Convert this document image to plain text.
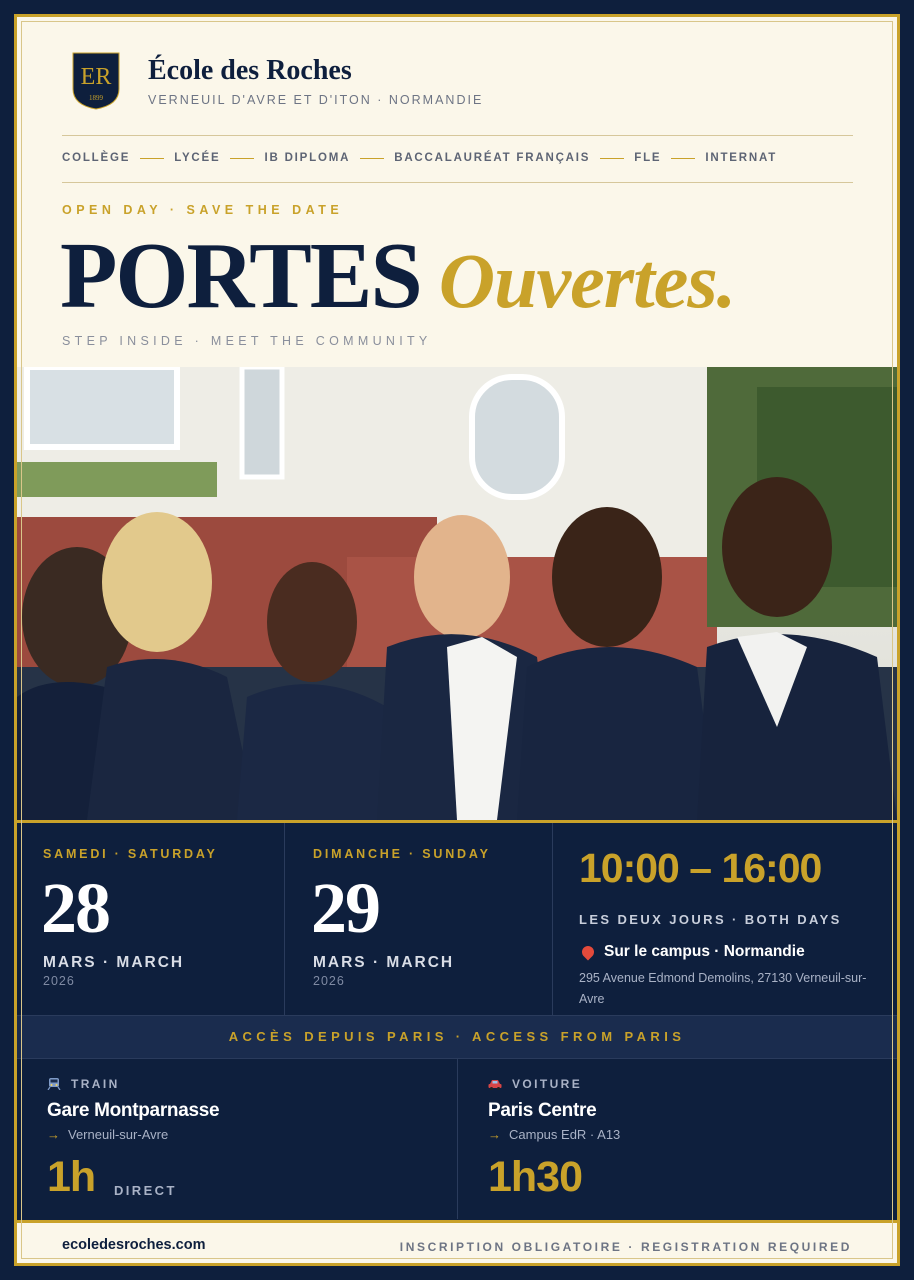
ER
1899
École des Roches
VERNEUIL D'AVRE ET D'ITON · NORMANDIE
COLLÈGE	LYCÉE	IB DIPLOMA	BACCALAURÉAT FRANÇAIS	FLE	INTERNAT
OPEN DAY · SAVE THE DATE
PORTES Ouvertes.
STEP INSIDE · MEET THE COMMUNITY
SAMEDI · SATURDAY
28
MARS · MARCH
2026
DIMANCHE · SUNDAY
29
MARS · MARCH
2026
10:00 – 16:00
LES DEUX JOURS · BOTH DAYS
Sur le campus · Normandie
295 Avenue Edmond Demolins, 27130 Verneuil-sur-Avre
ACCÈS DEPUIS PARIS · ACCESS FROM PARIS
TRAIN
Gare Montparnasse
→ Verneuil-sur-Avre
1h DIRECT
VOITURE
Paris Centre
→ Campus EdR · A13
1h30
ecoledesroches.com	INSCRIPTION OBLIGATOIRE · REGISTRATION REQUIRED
